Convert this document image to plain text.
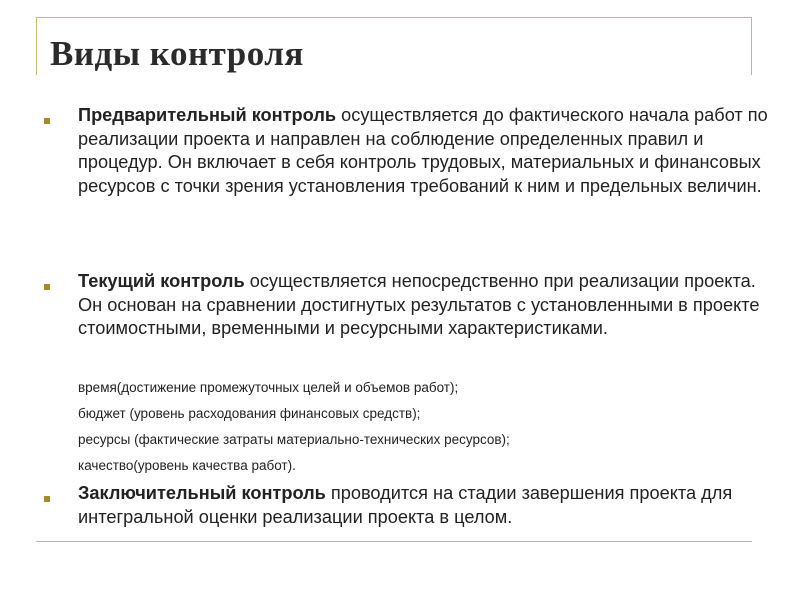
Виды контроля

Предварительный контроль осуществляется до фактического начала работ по реализации проекта и направлен на соблюдение определенных правил и процедур. Он включает в себя контроль трудовых, материальных и финансовых ресурсов с точки зрения установления требований к ним и предельных величин.

Текущий контроль осуществляется непосредственно при реализации проекта. Он основан на сравнении достигнутых результатов с установленными в проекте стоимостными, временными и ресурсными характеристиками.

время(достижение промежуточных целей и объемов работ);

бюджет (уровень расходования финансовых средств);

ресурсы (фактические затраты материально-технических ресурсов);

качество(уровень качества работ).

Заключительный контроль проводится на стадии завершения проекта для интегральной оценки реализации проекта в целом.
